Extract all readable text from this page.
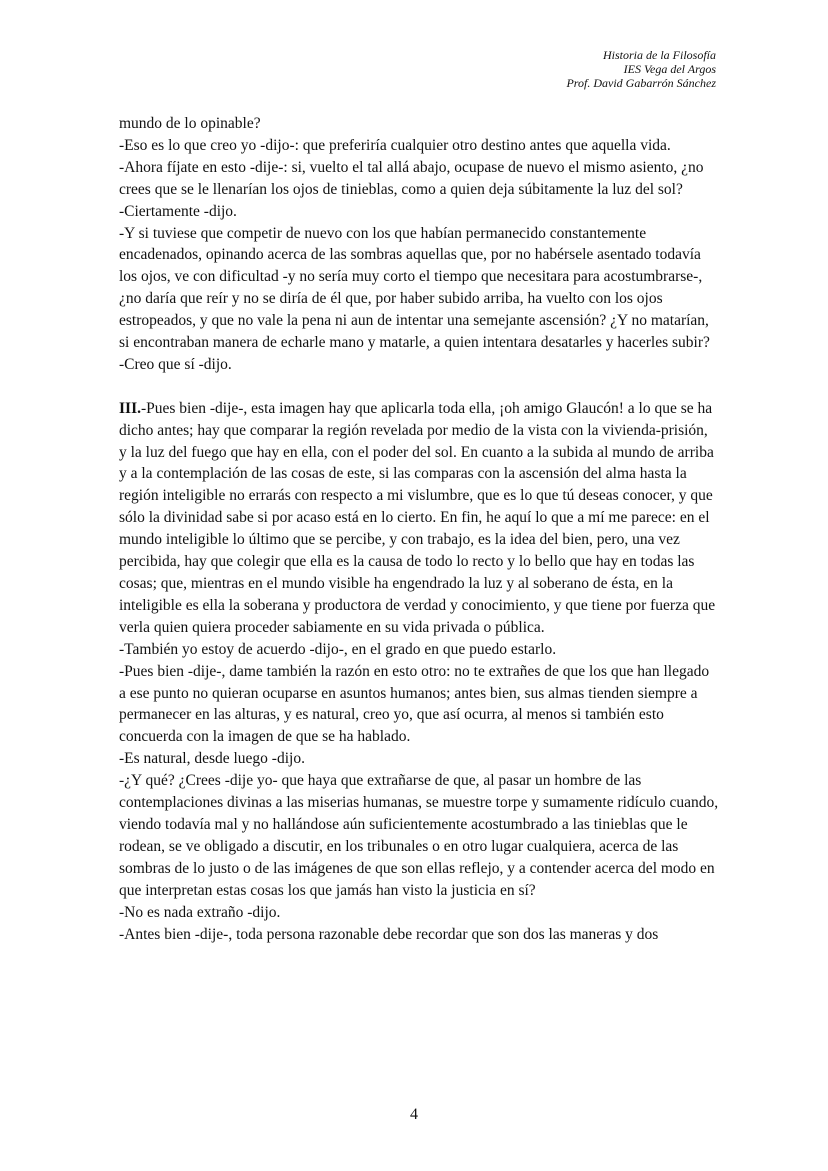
Historia de la Filosofía
IES Vega del Argos
Prof. David Gabarrón Sánchez

mundo de lo opinable?

-Eso es lo que creo yo -dijo-: que preferiría cualquier otro destino antes que aquella vida.

-Ahora fíjate en esto -dije-: si, vuelto el tal allá abajo, ocupase de nuevo el mismo asiento, ¿no crees que se le llenarían los ojos de tinieblas, como a quien deja súbitamente la luz del sol?

-Ciertamente -dijo.

-Y si tuviese que competir de nuevo con los que habían permanecido constantemente encadenados, opinando acerca de las sombras aquellas que, por no habérsele asentado todavía los ojos, ve con dificultad -y no sería muy corto el tiempo que necesitara para acostumbrarse-, ¿no daría que reír y no se diría de él que, por haber subido arriba, ha vuelto con los ojos estropeados, y que no vale la pena ni aun de intentar una semejante ascensión? ¿Y no matarían, si encontraban manera de echarle mano y matarle, a quien intentara desatarles y hacerles subir?

-Creo que sí -dijo.

III.-Pues bien -dije-, esta imagen hay que aplicarla toda ella, ¡oh amigo Glaucón! a lo que se ha dicho antes; hay que comparar la región revelada por medio de la vista con la vivienda-prisión, y la luz del fuego que hay en ella, con el poder del sol. En cuanto a la subida al mundo de arriba y a la contemplación de las cosas de este, si las comparas con la ascensión del alma hasta la región inteligible no errarás con respecto a mi vislumbre, que es lo que tú deseas conocer, y que sólo la divinidad sabe si por acaso está en lo cierto. En fin, he aquí lo que a mí me parece: en el mundo inteligible lo último que se percibe, y con trabajo, es la idea del bien, pero, una vez percibida, hay que colegir que ella es la causa de todo lo recto y lo bello que hay en todas las cosas; que, mientras en el mundo visible ha engendrado la luz y al soberano de ésta, en la inteligible es ella la soberana y productora de verdad y conocimiento, y que tiene por fuerza que verla quien quiera proceder sabiamente en su vida privada o pública.

-También yo estoy de acuerdo -dijo-, en el grado en que puedo estarlo.

-Pues bien -dije-, dame también la razón en esto otro: no te extrañes de que los que han llegado a ese punto no quieran ocuparse en asuntos humanos; antes bien, sus almas tienden siempre a permanecer en las alturas, y es natural, creo yo, que así ocurra, al menos si también esto concuerda con la imagen de que se ha hablado.

-Es natural, desde luego -dijo.

-¿Y qué? ¿Crees -dije yo- que haya que extrañarse de que, al pasar un hombre de las contemplaciones divinas a las miserias humanas, se muestre torpe y sumamente ridículo cuando, viendo todavía mal y no hallándose aún suficientemente acostumbrado a las tinieblas que le rodean, se ve obligado a discutir, en los tribunales o en otro lugar cualquiera, acerca de las sombras de lo justo o de las imágenes de que son ellas reflejo, y a contender acerca del modo en que interpretan estas cosas los que jamás han visto la justicia en sí?

-No es nada extraño -dijo.

-Antes bien -dije-, toda persona razonable debe recordar que son dos las maneras y dos

4
